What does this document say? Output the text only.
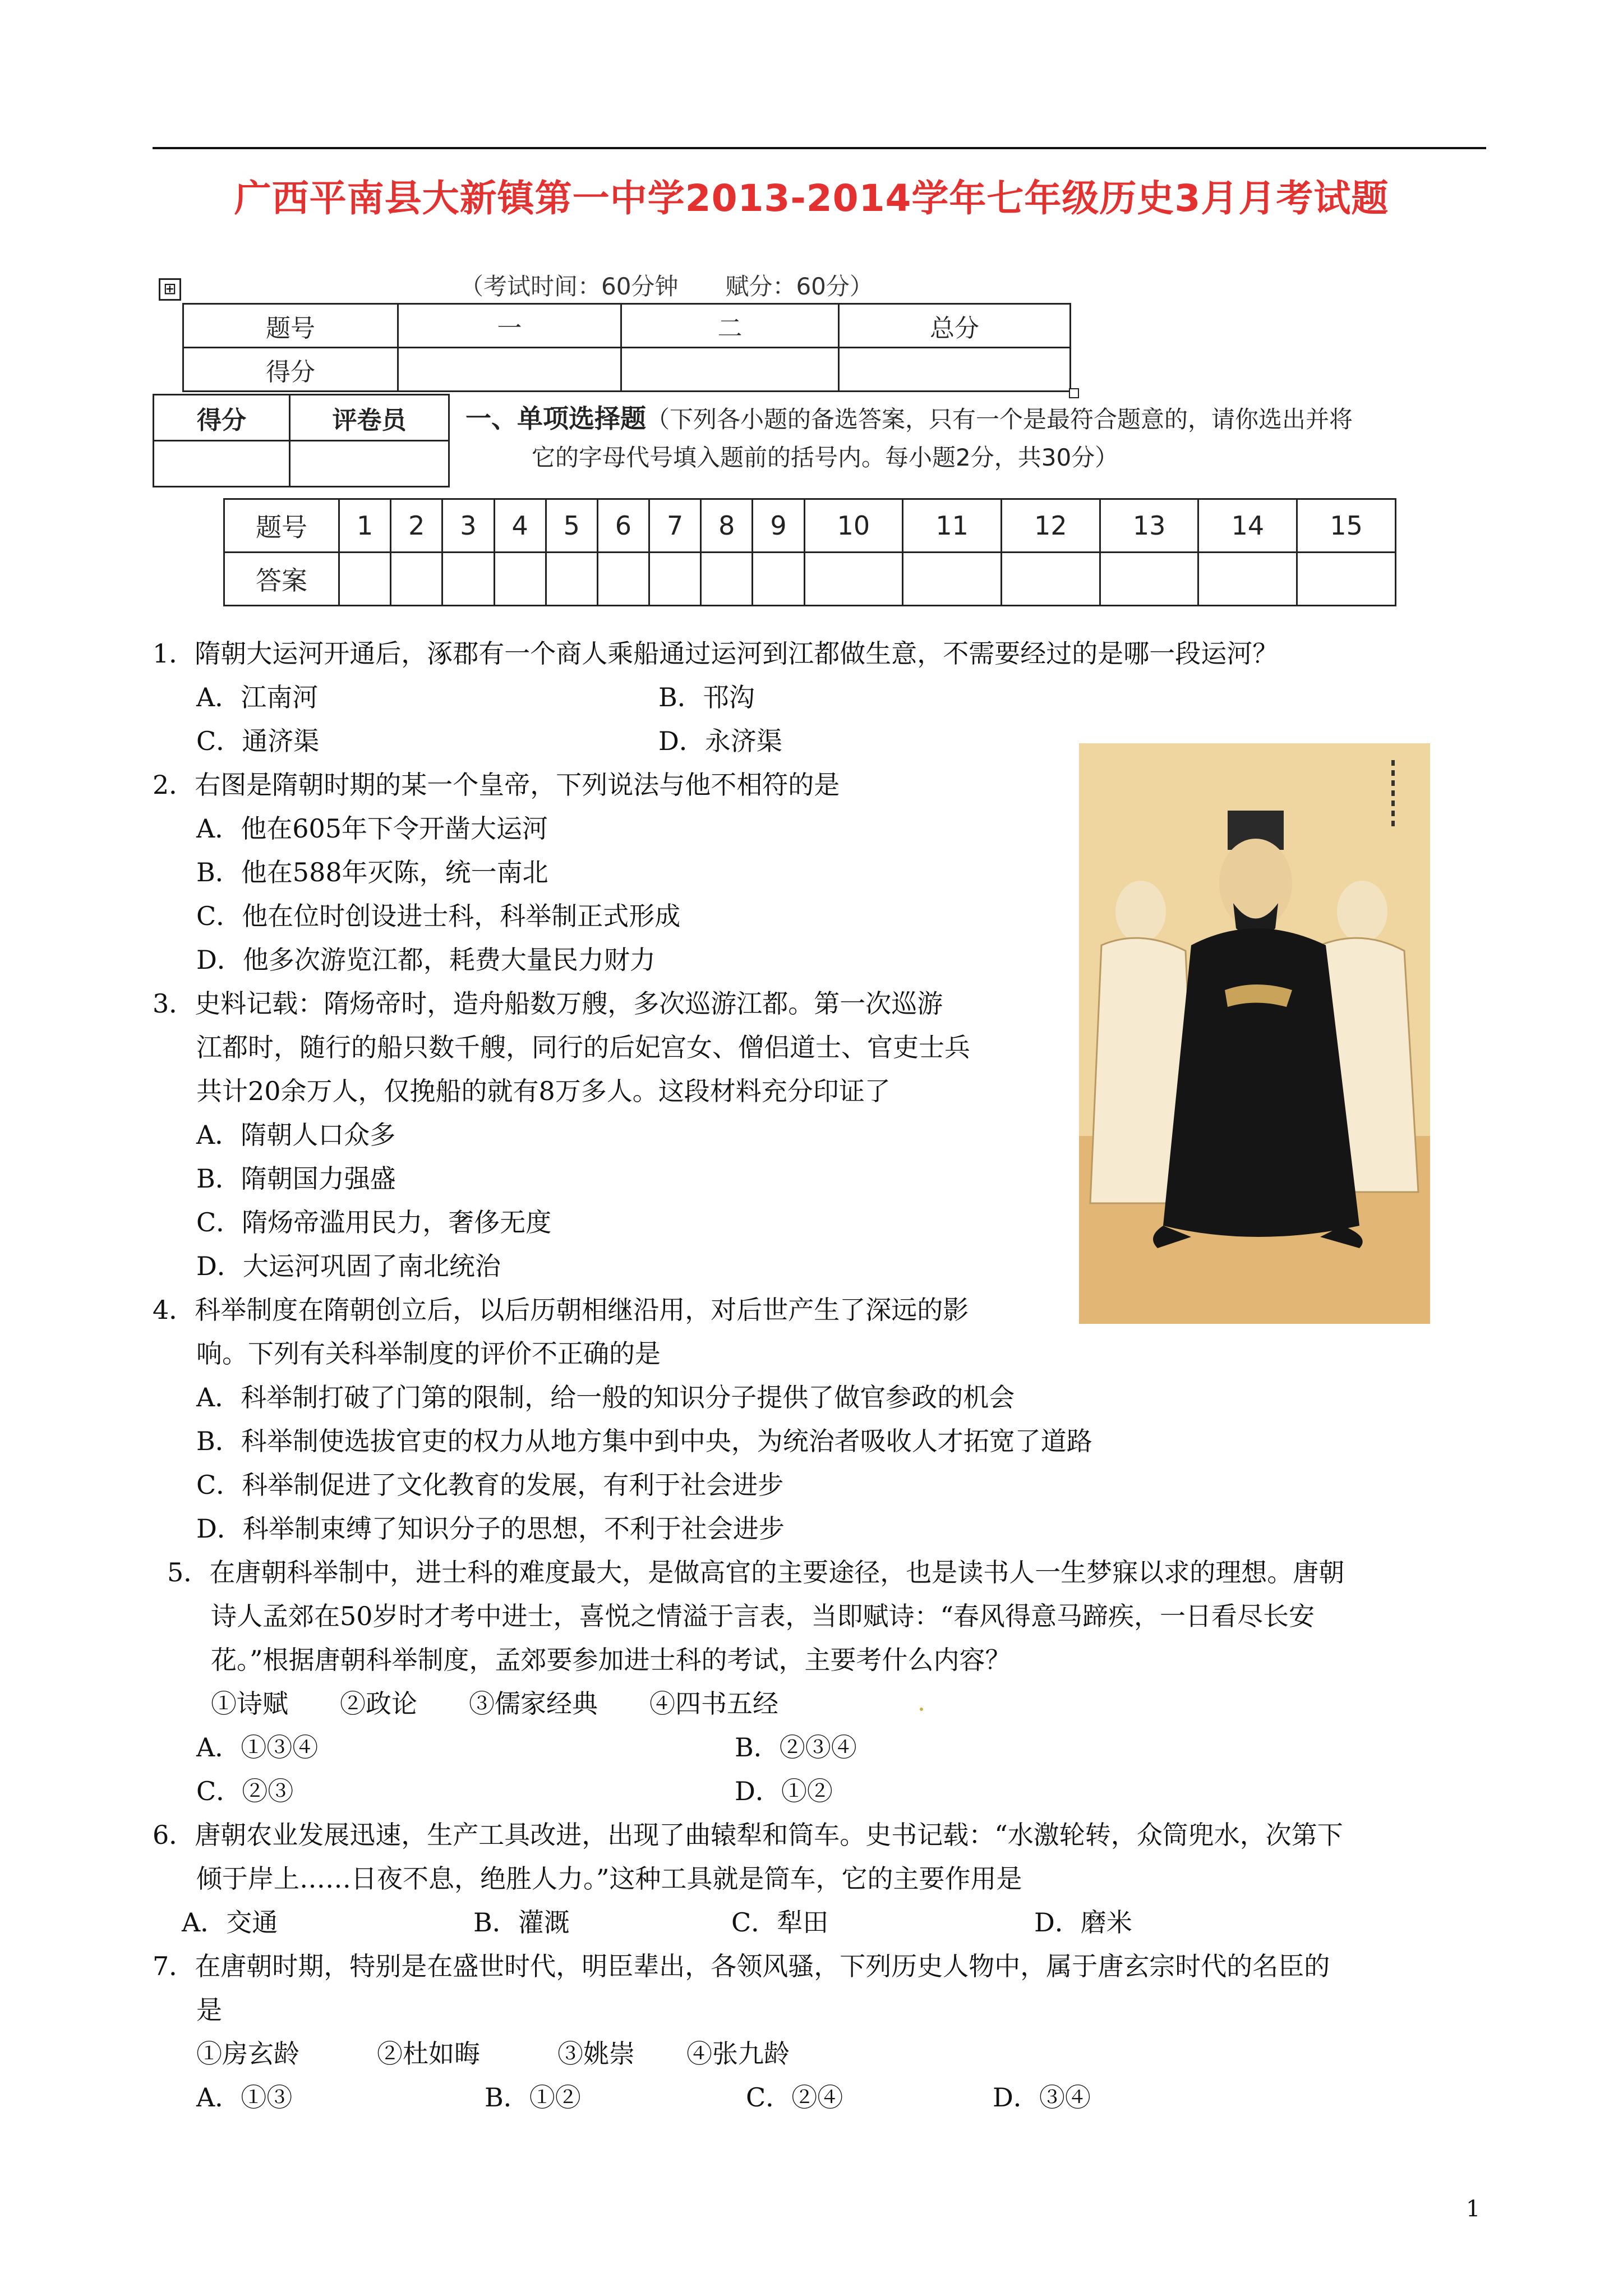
广西平南县大新镇第一中学2013-2014学年七年级历史3月月考试题
⊞	（考试时间：60分钟　　赋分：60分）
题号	一	二	总分
得分			
得分	评卷员
	一、单项选择题（下列各小题的备选答案，只有一个是最符合题意的，请你选出并将
它的字母代号填入题前的括号内。每小题2分，共30分）
题号	1	2	3	4	5	6	7	8	9	10	11	12	13	14	15
答案															
1．隋朝大运河开通后，涿郡有一个商人乘船通过运河到江都做生意，不需要经过的是哪一段运河？
A．江南河	B．邗沟
C．通济渠	D．永济渠
2．右图是隋朝时期的某一个皇帝，下列说法与他不相符的是
A．他在605年下令开凿大运河
B．他在588年灭陈，统一南北
C．他在位时创设进士科，科举制正式形成
D．他多次游览江都，耗费大量民力财力
3．史料记载：隋炀帝时，造舟船数万艘，多次巡游江都。第一次巡游
江都时，随行的船只数千艘，同行的后妃宫女、僧侣道士、官吏士兵
共计20余万人，仅挽船的就有8万多人。这段材料充分印证了
A．隋朝人口众多
B．隋朝国力强盛
C．隋炀帝滥用民力，奢侈无度
D．大运河巩固了南北统治
4．科举制度在隋朝创立后，以后历朝相继沿用，对后世产生了深远的影
响。下列有关科举制度的评价不正确的是
A．科举制打破了门第的限制，给一般的知识分子提供了做官参政的机会
B．科举制使选拔官吏的权力从地方集中到中央，为统治者吸收人才拓宽了道路
C．科举制促进了文化教育的发展，有利于社会进步
D．科举制束缚了知识分子的思想，不利于社会进步
5．在唐朝科举制中，进士科的难度最大，是做高官的主要途径，也是读书人一生梦寐以求的理想。唐朝
诗人孟郊在50岁时才考中进士，喜悦之情溢于言表，当即赋诗：“春风得意马蹄疾，一日看尽长安
花。”根据唐朝科举制度，孟郊要参加进士科的考试，主要考什么内容？
①诗赋　　②政论　　③儒家经典　　④四书五经
A．①③④	B．②③④
C．②③	D．①②
6．唐朝农业发展迅速，生产工具改进，出现了曲辕犁和筒车。史书记载：“水激轮转，众筒兜水，次第下
倾于岸上……日夜不息，绝胜人力。”这种工具就是筒车，它的主要作用是
A．交通	B．灌溉	C．犁田	D．磨米
7．在唐朝时期，特别是在盛世时代，明臣辈出，各领风骚，下列历史人物中，属于唐玄宗时代的名臣的
是
①房玄龄　　　②杜如晦　　　③姚崇　　④张九龄
A．①③	B．①②	C．②④	D．③④
1
